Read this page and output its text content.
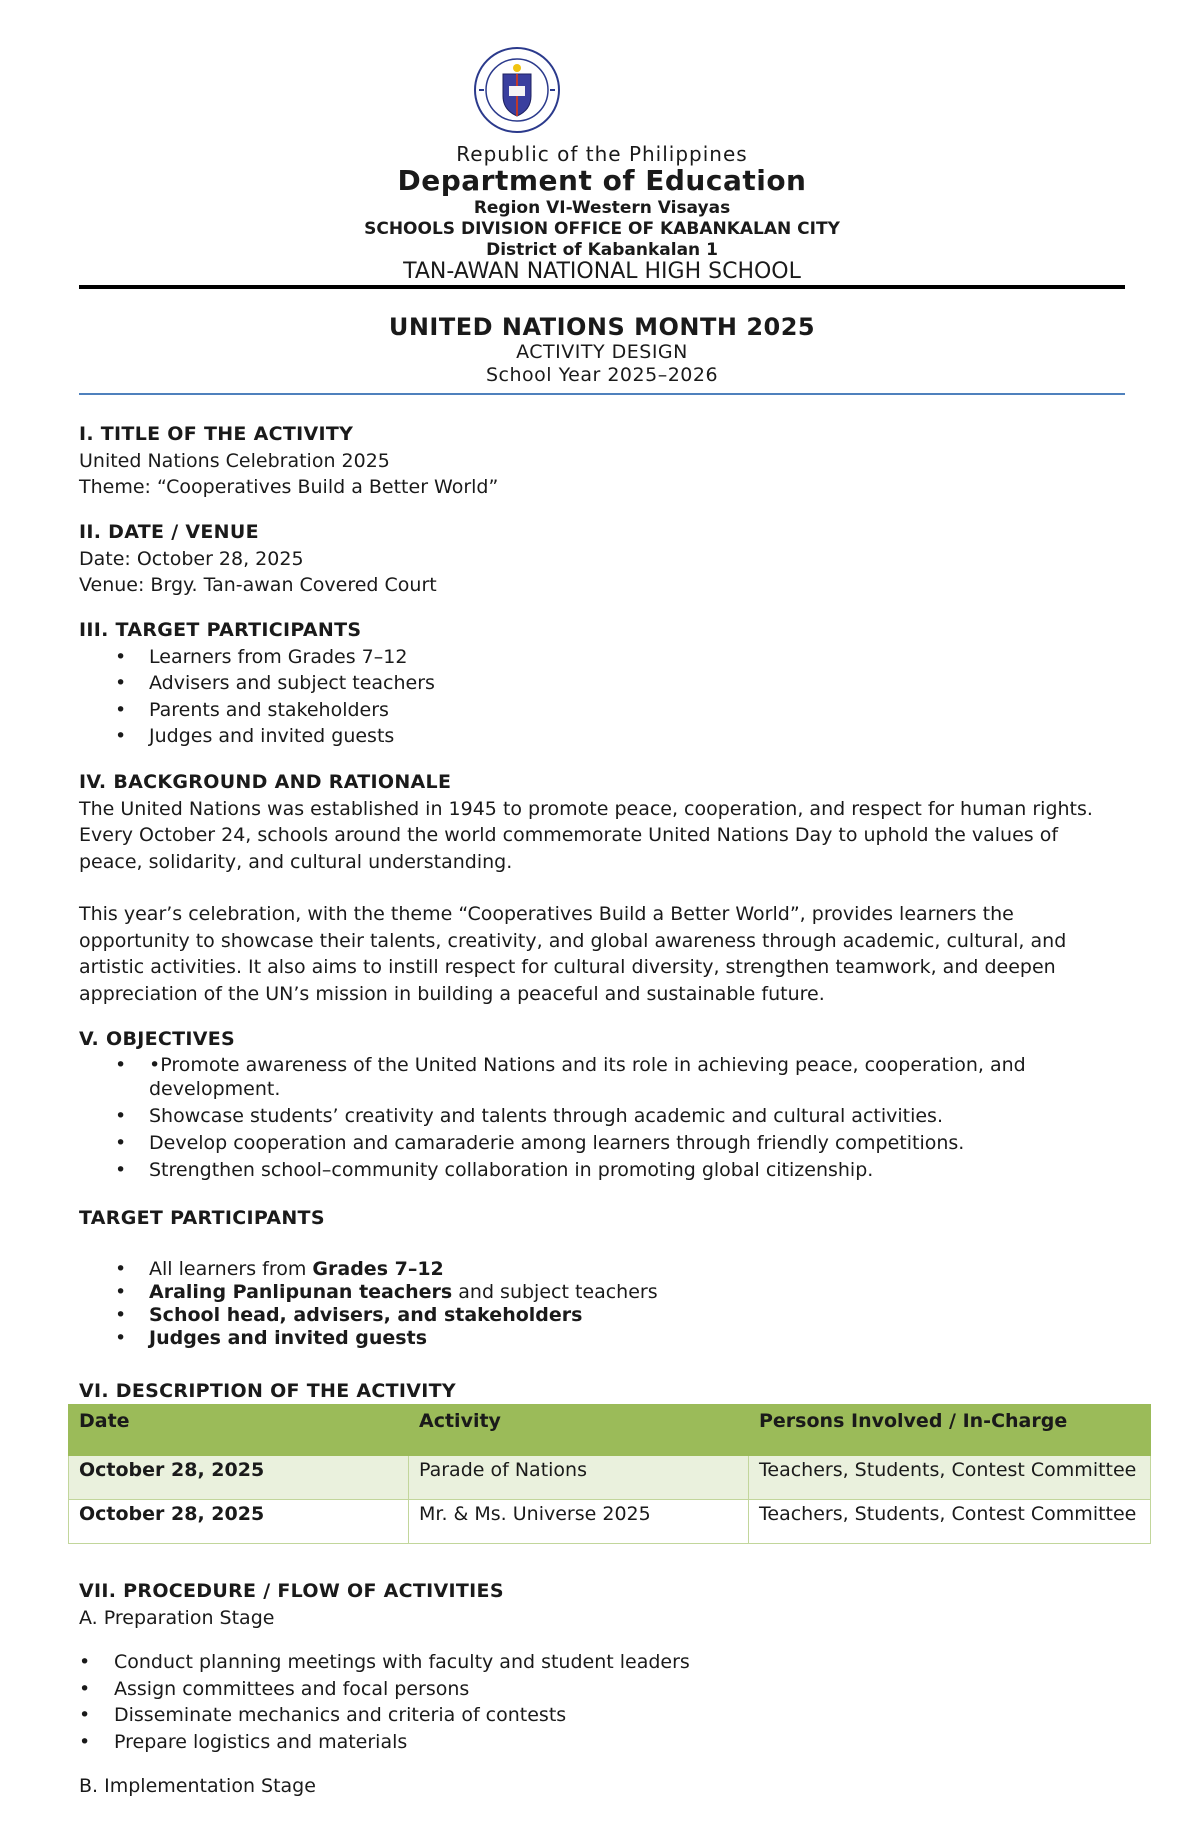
Republic of the Philippines
Department of Education
Region VI-Western Visayas
SCHOOLS DIVISION OFFICE OF KABANKALAN CITY
District of Kabankalan 1
TAN-AWAN NATIONAL HIGH SCHOOL
UNITED NATIONS MONTH 2025
ACTIVITY DESIGN
School Year 2025–2026

I. TITLE OF THE ACTIVITY

United Nations Celebration 2025

Theme: “Cooperatives Build a Better World”

II. DATE / VENUE

Date: October 28, 2025

Venue: Brgy. Tan-awan Covered Court

III. TARGET PARTICIPANTS

• Learners from Grades 7–12
• Advisers and subject teachers
• Parents and stakeholders
• Judges and invited guests

IV. BACKGROUND AND RATIONALE

The United Nations was established in 1945 to promote peace, cooperation, and respect for human rights. Every October 24, schools around the world commemorate United Nations Day to uphold the values of peace, solidarity, and cultural understanding.

This year’s celebration, with the theme “Cooperatives Build a Better World”, provides learners the opportunity to showcase their talents, creativity, and global awareness through academic, cultural, and artistic activities. It also aims to instill respect for cultural diversity, strengthen teamwork, and deepen appreciation of the UN’s mission in building a peaceful and sustainable future.

V. OBJECTIVES

• •Promote awareness of the United Nations and its role in achieving peace, cooperation, and development.
• Showcase students’ creativity and talents through academic and cultural activities.
• Develop cooperation and camaraderie among learners through friendly competitions.
• Strengthen school–community collaboration in promoting global citizenship.

TARGET PARTICIPANTS

• All learners from Grades 7–12
• Araling Panlipunan teachers and subject teachers
• School head, advisers, and stakeholders
• Judges and invited guests

VI. DESCRIPTION OF THE ACTIVITY

Date	Activity	Persons Involved / In-Charge
October 28, 2025	Parade of Nations	Teachers, Students, Contest Committee
October 28, 2025	Mr. & Ms. Universe 2025	Teachers, Students, Contest Committee

VII. PROCEDURE / FLOW OF ACTIVITIES

A. Preparation Stage

• Conduct planning meetings with faculty and student leaders
• Assign committees and focal persons
• Disseminate mechanics and criteria of contests
• Prepare logistics and materials

B. Implementation Stage
